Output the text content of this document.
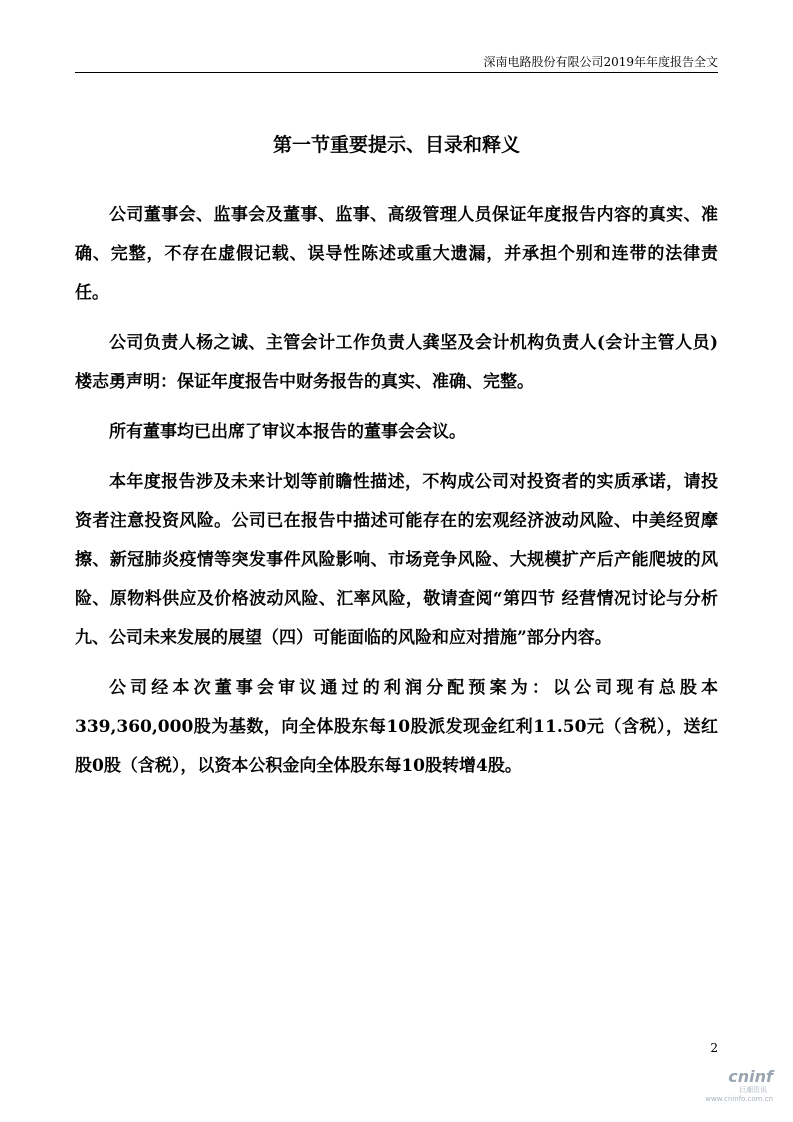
深南电路股份有限公司2019年年度报告全文
第一节重要提示、目录和释义

公司董事会、监事会及董事、监事、高级管理人员保证年度报告内容的真实、准确、完整，不存在虚假记载、误导性陈述或重大遗漏，并承担个别和连带的法律责任。

公司负责人杨之诚、主管会计工作负责人龚坚及会计机构负责人(会计主管人员)楼志勇声明：保证年度报告中财务报告的真实、准确、完整。

所有董事均已出席了审议本报告的董事会会议。

本年度报告涉及未来计划等前瞻性描述，不构成公司对投资者的实质承诺，请投资者注意投资风险。公司已在报告中描述可能存在的宏观经济波动风险、中美经贸摩擦、新冠肺炎疫情等突发事件风险影响、市场竞争风险、大规模扩产后产能爬坡的风险、原物料供应及价格波动风险、汇率风险，敬请查阅“第四节 经营情况讨论与分析 九、公司未来发展的展望（四）可能面临的风险和应对措施”部分内容。

公司经本次董事会审议通过的利润分配预案为：以公司现有总股本339,360,000股为基数，向全体股东每10股派发现金红利11.50元（含税），送红股0股（含税），以资本公积金向全体股东每10股转增4股。

2
cninf
巨潮资讯
www.cninfo.com.cn
